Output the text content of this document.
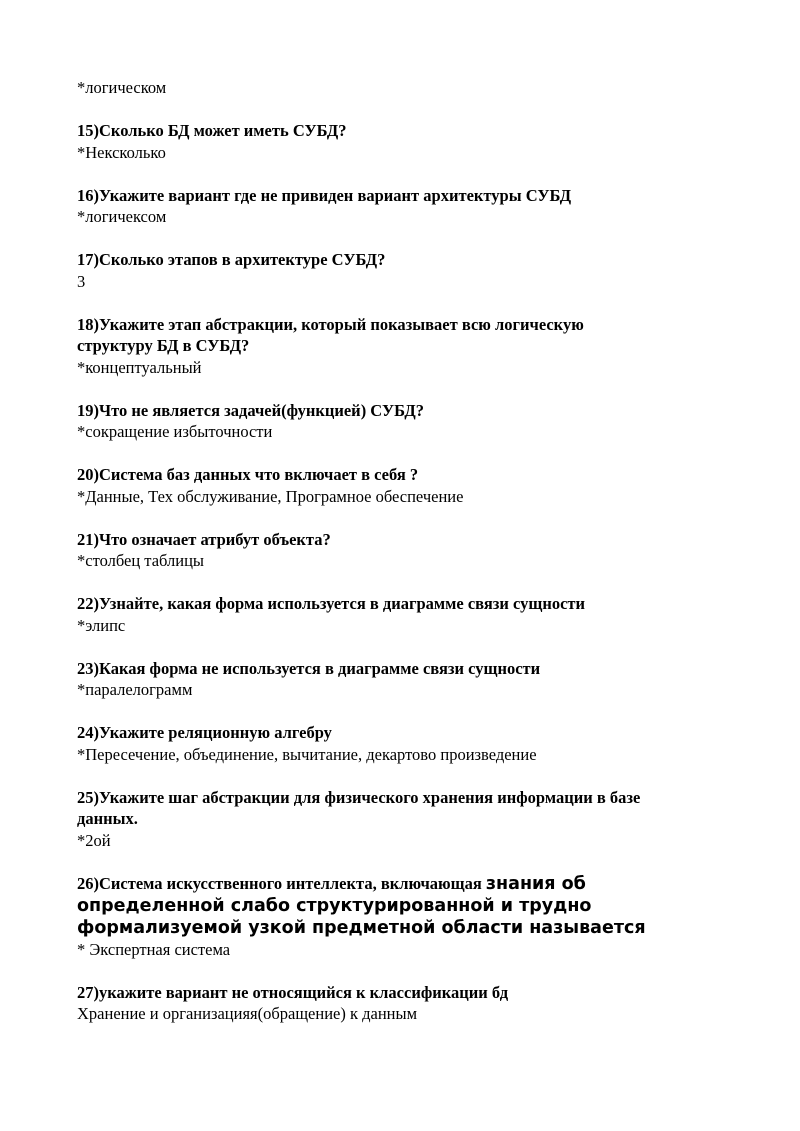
*логическом
15)Сколько БД может иметь СУБД?
*Нексколько
16)Укажите вариант где не привиден вариант архитектуры СУБД
*логичексом
17)Сколько этапов в архитектуре СУБД?
3
18)Укажите этап абстракции, который показывает всю логическую
структуру БД в СУБД?
*концептуальный
19)Что не является задачей(функцией) СУБД?
*сокращение избыточности
20)Система баз данных что включает в себя ?
*Данные, Тех обслуживание, Програмное обеспечение
21)Что означает атрибут объекта?
*столбец таблицы
22)Узнайте, какая форма используется в диаграмме связи сущности
*элипс
23)Какая форма не используется в диаграмме связи сущности
*паралелограмм
24)Укажите реляционную алгебру
*Пересечение, объединение, вычитание, декартово произведение
25)Укажите шаг абстракции для физического хранения информации в базе
данных.
*2ой
26)Система искусственного интеллекта, включающая знания об
определенной слабо структурированной и трудно
формализуемой узкой предметной области называется
* Экспертная система
27)укажите вариант не относящийся к классификации бд
Хранение и организацияя(обращение) к данным
